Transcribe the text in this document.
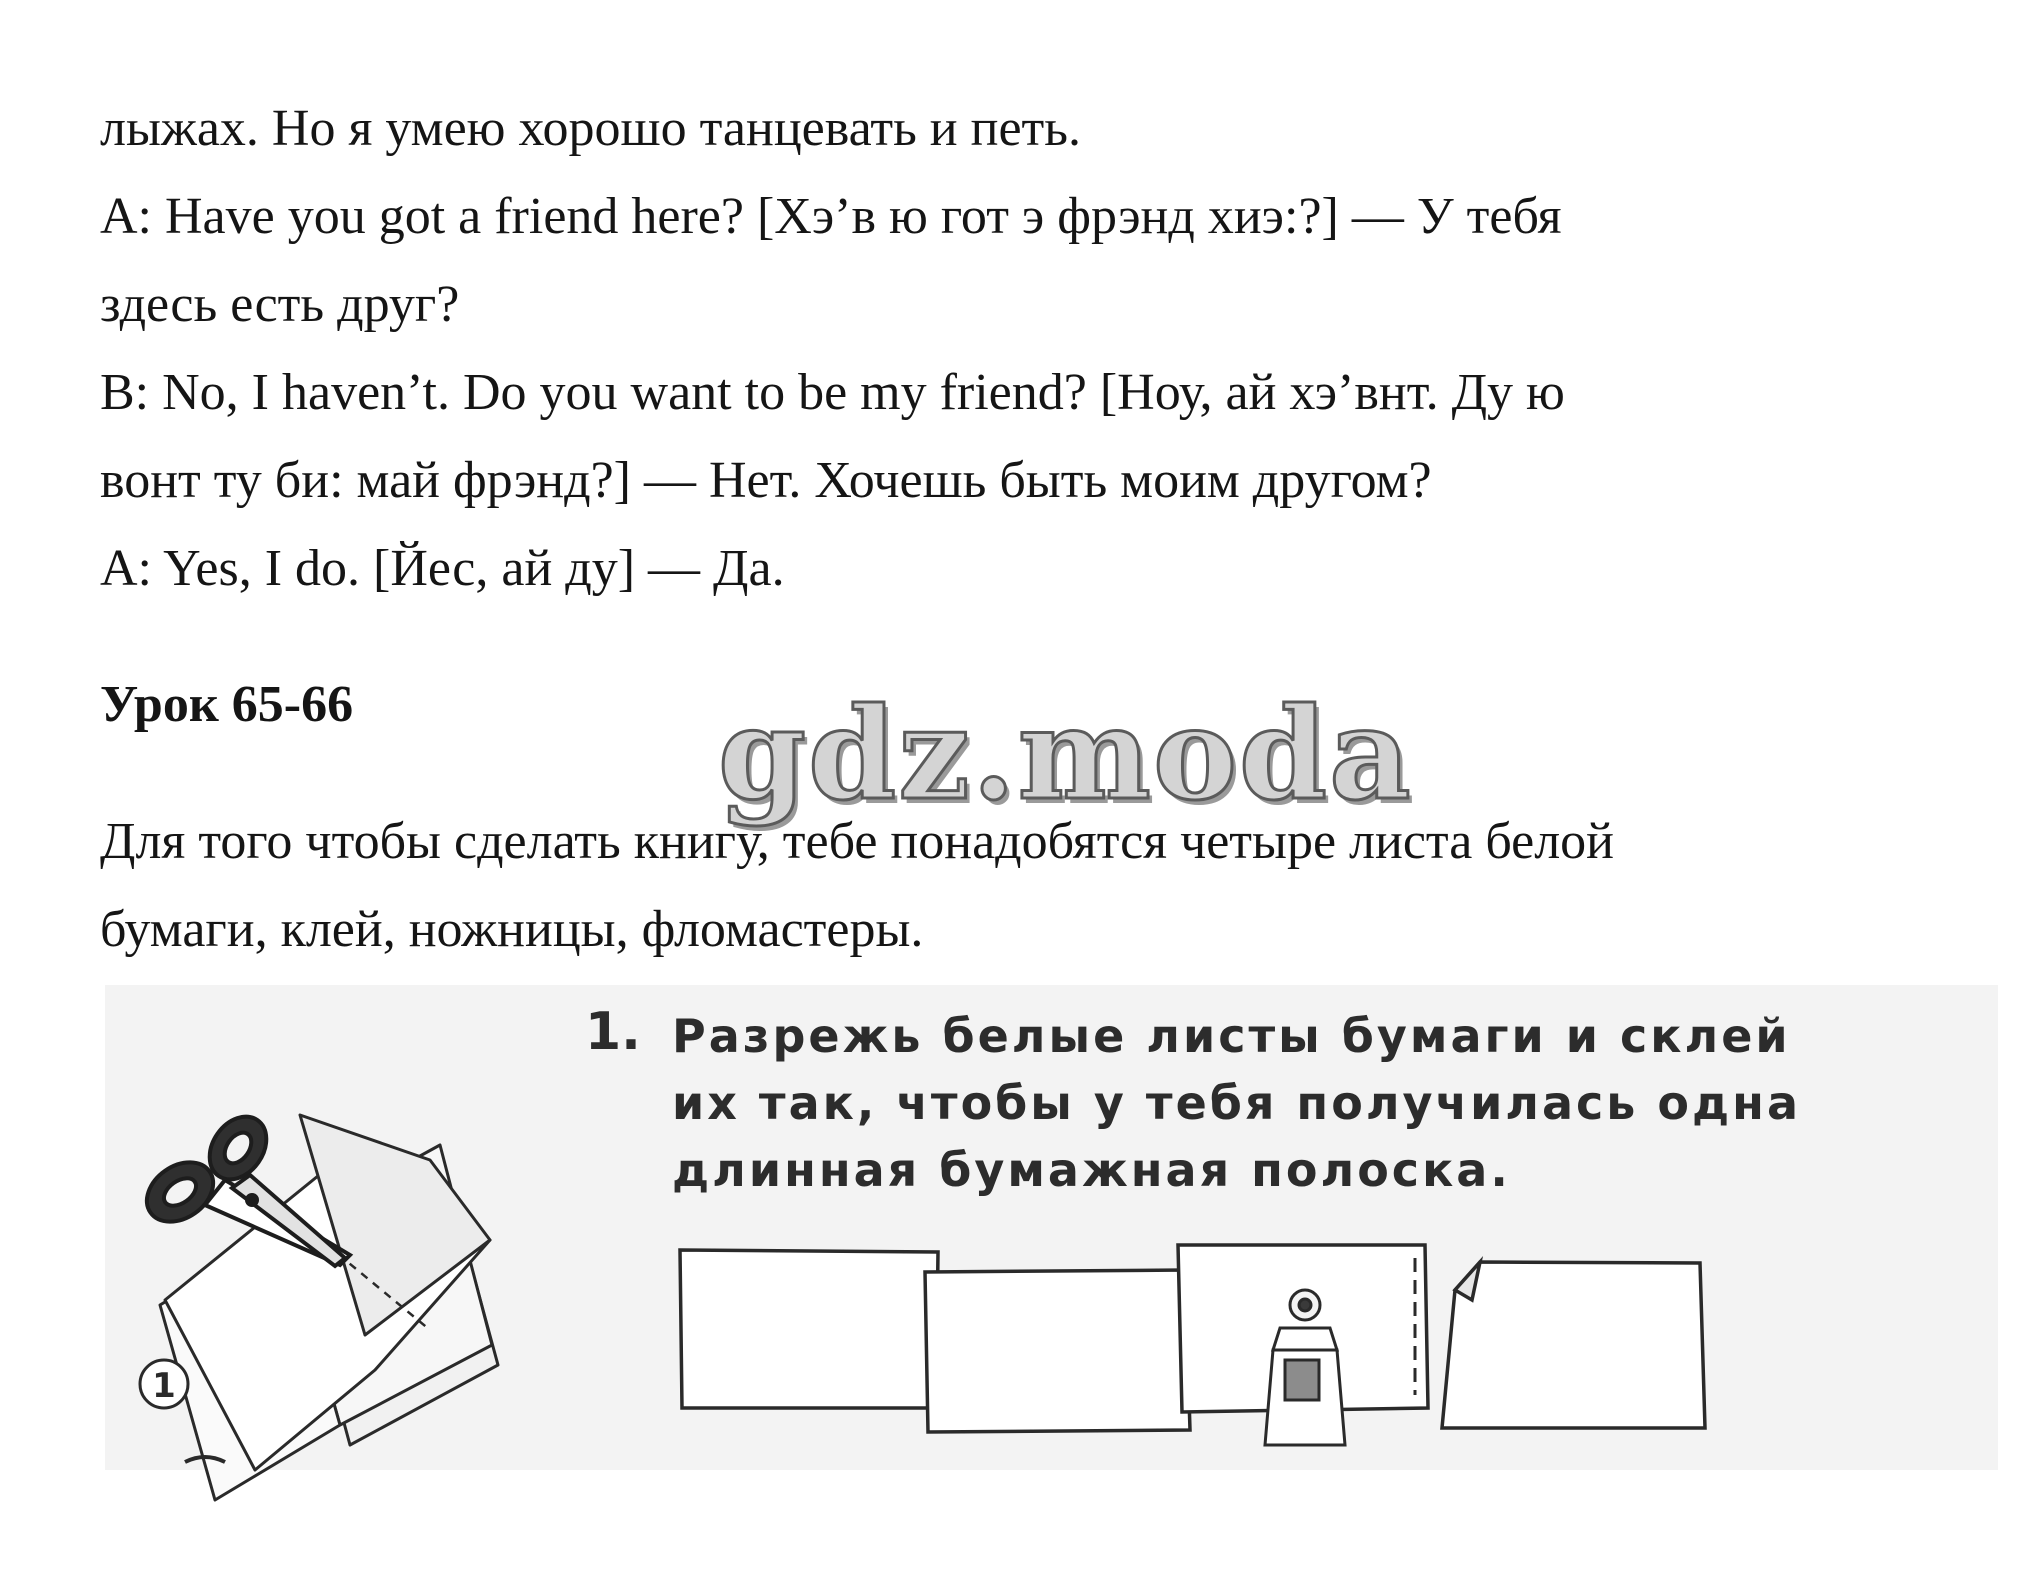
лыжах. Но я умею хорошо танцевать и петь.
A: Have you got a friend here? [Хэ’в ю гот э фрэнд хиэ:?] — У тебя
здесь есть друг?
B: No, I haven’t. Do you want to be my friend? [Ноу, ай хэ’внт. Ду ю
вонт ту би: май фрэнд?] — Нет. Хочешь быть моим другом?
A: Yes, I do. [Йес, ай ду] — Да.
Урок 65-66	gdz.moda
Для того чтобы сделать книгу, тебе понадобятся четыре листа белой
бумаги, клей, ножницы, фломастеры.
1. Разрежь белые листы бумаги и склей
их так, чтобы у тебя получилась одна
длинная бумажная полоска.
1
